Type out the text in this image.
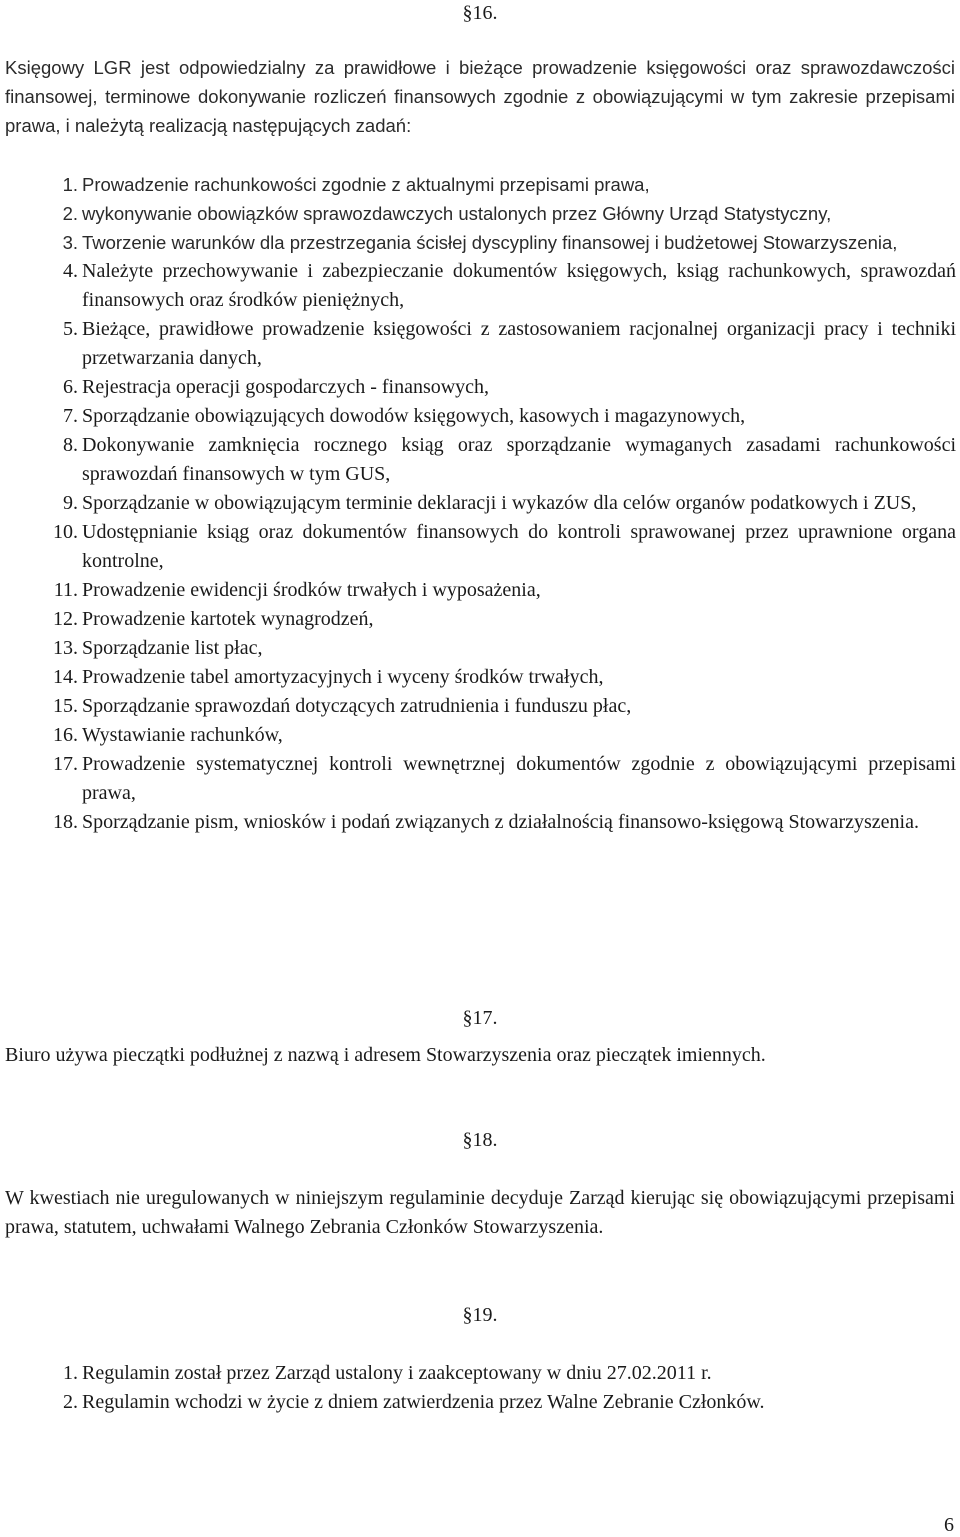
§16.
Księgowy LGR jest odpowiedzialny za prawidłowe i bieżące prowadzenie księgowości oraz sprawozdawczości finansowej, terminowe dokonywanie rozliczeń finansowych zgodnie z obowiązującymi w tym zakresie przepisami prawa, i należytą realizacją następujących zadań:
1. Prowadzenie rachunkowości zgodnie z aktualnymi przepisami prawa,
2. wykonywanie obowiązków sprawozdawczych ustalonych przez Główny Urząd Statystyczny,
3. Tworzenie warunków dla przestrzegania ścisłej dyscypliny finansowej i budżetowej Stowarzyszenia,
4. Należyte przechowywanie i zabezpieczanie dokumentów księgowych, ksiąg rachunkowych, sprawozdań finansowych oraz środków pieniężnych,
5. Bieżące, prawidłowe prowadzenie księgowości z zastosowaniem racjonalnej organizacji pracy i techniki przetwarzania danych,
6. Rejestracja operacji gospodarczych - finansowych,
7. Sporządzanie obowiązujących dowodów księgowych, kasowych i magazynowych,
8. Dokonywanie zamknięcia rocznego ksiąg oraz sporządzanie wymaganych zasadami rachunkowości sprawozdań finansowych w tym GUS,
9. Sporządzanie w obowiązującym terminie deklaracji i wykazów dla celów organów podatkowych i ZUS,
10. Udostępnianie ksiąg oraz dokumentów finansowych do kontroli sprawowanej przez uprawnione organa kontrolne,
11. Prowadzenie ewidencji środków trwałych i wyposażenia,
12. Prowadzenie kartotek wynagrodzeń,
13. Sporządzanie list płac,
14. Prowadzenie tabel amortyzacyjnych i wyceny środków trwałych,
15. Sporządzanie sprawozdań dotyczących zatrudnienia i funduszu płac,
16. Wystawianie rachunków,
17. Prowadzenie systematycznej kontroli wewnętrznej dokumentów zgodnie z obowiązującymi przepisami prawa,
18. Sporządzanie pism, wniosków i podań związanych z działalnością finansowo-księgową Stowarzyszenia.
§17.
Biuro używa pieczątki podłużnej z nazwą i adresem Stowarzyszenia oraz pieczątek imiennych.
§18.
W kwestiach nie uregulowanych w niniejszym regulaminie decyduje Zarząd kierując się obowiązującymi przepisami prawa, statutem, uchwałami Walnego Zebrania Członków Stowarzyszenia.
§19.
1. Regulamin został przez Zarząd ustalony i zaakceptowany w dniu 27.02.2011 r.
2. Regulamin wchodzi w życie z dniem zatwierdzenia przez Walne Zebranie Członków.
6
